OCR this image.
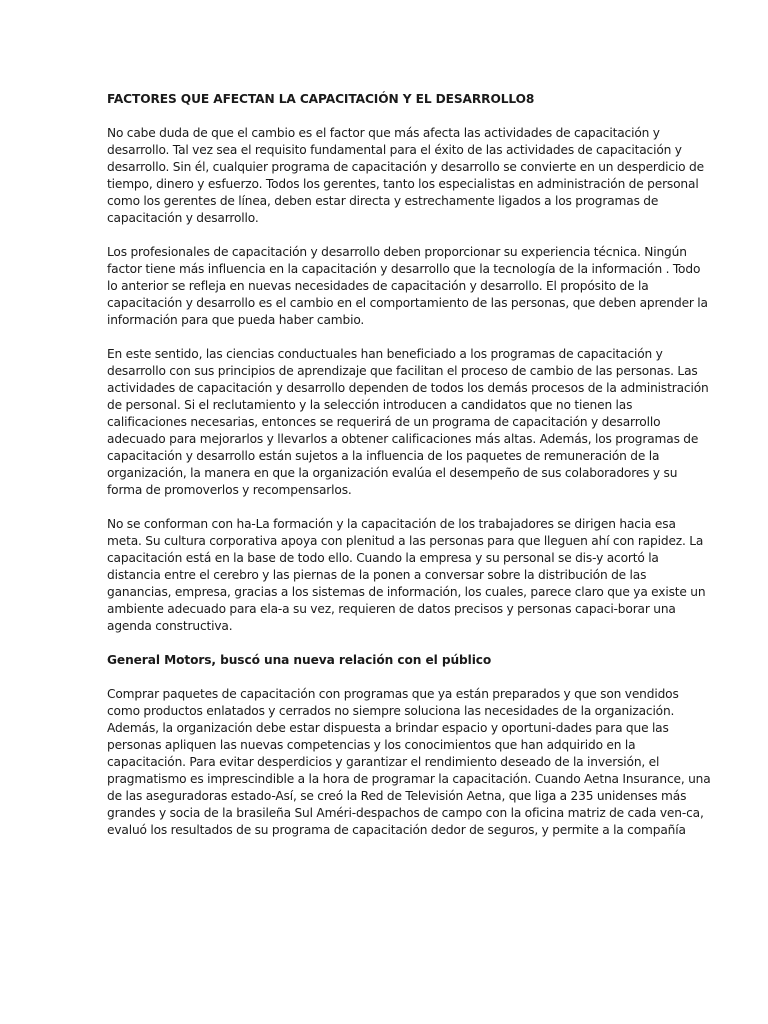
FACTORES QUE AFECTAN LA CAPACITACIÓN Y EL DESARROLLO8

No cabe duda de que el cambio es el factor que más afecta las actividades de capacitación y desarrollo. Tal vez sea el requisito fundamental para el éxito de las actividades de capacitación y desarrollo. Sin él, cualquier programa de capacitación y desarrollo se convierte en un desperdicio de tiempo, dinero y esfuerzo. Todos los gerentes, tanto los especialistas en administración de personal como los gerentes de línea, deben estar directa y estrechamente ligados a los programas de capacitación y desarrollo.

Los profesionales de capacitación y desarrollo deben proporcionar su experiencia técnica. Ningún factor tiene más influencia en la capacitación y desarrollo que la tecnología de la información . Todo lo anterior se refleja en nuevas necesidades de capacitación y desarrollo. El propósito de la capacitación y desarrollo es el cambio en el comportamiento de las personas, que deben aprender la información para que pueda haber cambio.

En este sentido, las ciencias conductuales han beneficiado a los programas de capacitación y desarrollo con sus principios de aprendizaje que facilitan el proceso de cambio de las personas. Las actividades de capacitación y desarrollo dependen de todos los demás procesos de la administración de personal. Si el reclutamiento y la selección introducen a candidatos que no tienen las calificaciones necesarias, entonces se requerirá de un programa de capacitación y desarrollo adecuado para mejorarlos y llevarlos a obtener calificaciones más altas. Además, los programas de capacitación y desarrollo están sujetos a la influencia de los paquetes de remuneración de la organización, la manera en que la organización evalúa el desempeño de sus colaboradores y su forma de promoverlos y recompensarlos.

No se conforman con ha-La formación y la capacitación de los trabajadores se dirigen hacia esa meta. Su cultura corporativa apoya con plenitud a las personas para que lleguen ahí con rapidez. La capacitación está en la base de todo ello. Cuando la empresa y su personal se dis-y acortó la distancia entre el cerebro y las piernas de la ponen a conversar sobre la distribución de las ganancias, empresa, gracias a los sistemas de información, los cuales, parece claro que ya existe un ambiente adecuado para ela-a su vez, requieren de datos precisos y personas capaci-borar una agenda constructiva.

General Motors, buscó una nueva relación con el público

Comprar paquetes de capacitación con programas que ya están preparados y que son vendidos como productos enlatados y cerrados no siempre soluciona las necesidades de la organización. Además, la organización debe estar dispuesta a brindar espacio y oportuni-dades para que las personas apliquen las nuevas competencias y los conocimientos que han adquirido en la capacitación. Para evitar desperdicios y garantizar el rendimiento deseado de la inversión, el pragmatismo es imprescindible a la hora de programar la capacitación. Cuando Aetna Insurance, una de las aseguradoras estado-Así, se creó la Red de Televisión Aetna, que liga a 235 unidenses más grandes y socia de la brasileña Sul Améri-despachos de campo con la oficina matriz de cada ven-ca, evaluó los resultados de su programa de capacitación dedor de seguros, y permite a la compañía
